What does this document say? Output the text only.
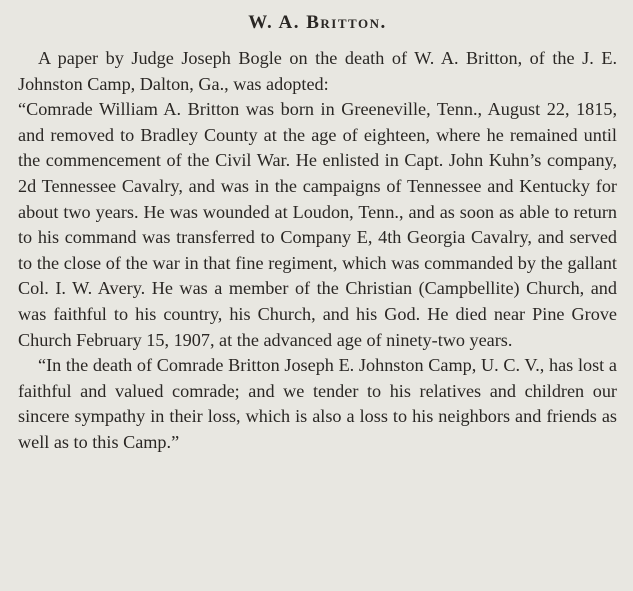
W. A. Britton.

A paper by Judge Joseph Bogle on the death of W. A. Britton, of the J. E. Johnston Camp, Dalton, Ga., was adopted:

“Comrade William A. Britton was born in Greeneville, Tenn., August 22, 1815, and removed to Bradley County at the age of eighteen, where he remained until the commencement of the Civil War. He enlisted in Capt. John Kuhn’s company, 2d Tennessee Cavalry, and was in the campaigns of Tennessee and Kentucky for about two years. He was wounded at Loudon, Tenn., and as soon as able to return to his command was transferred to Company E, 4th Georgia Cavalry, and served to the close of the war in that fine regiment, which was commanded by the gallant Col. I. W. Avery. He was a member of the Christian (Campbellite) Church, and was faithful to his country, his Church, and his God. He died near Pine Grove Church February 15, 1907, at the advanced age of ninety-two years.

“In the death of Comrade Britton Joseph E. Johnston Camp, U. C. V., has lost a faithful and valued comrade; and we tender to his relatives and children our sincere sympathy in their loss, which is also a loss to his neighbors and friends as well as to this Camp.”
